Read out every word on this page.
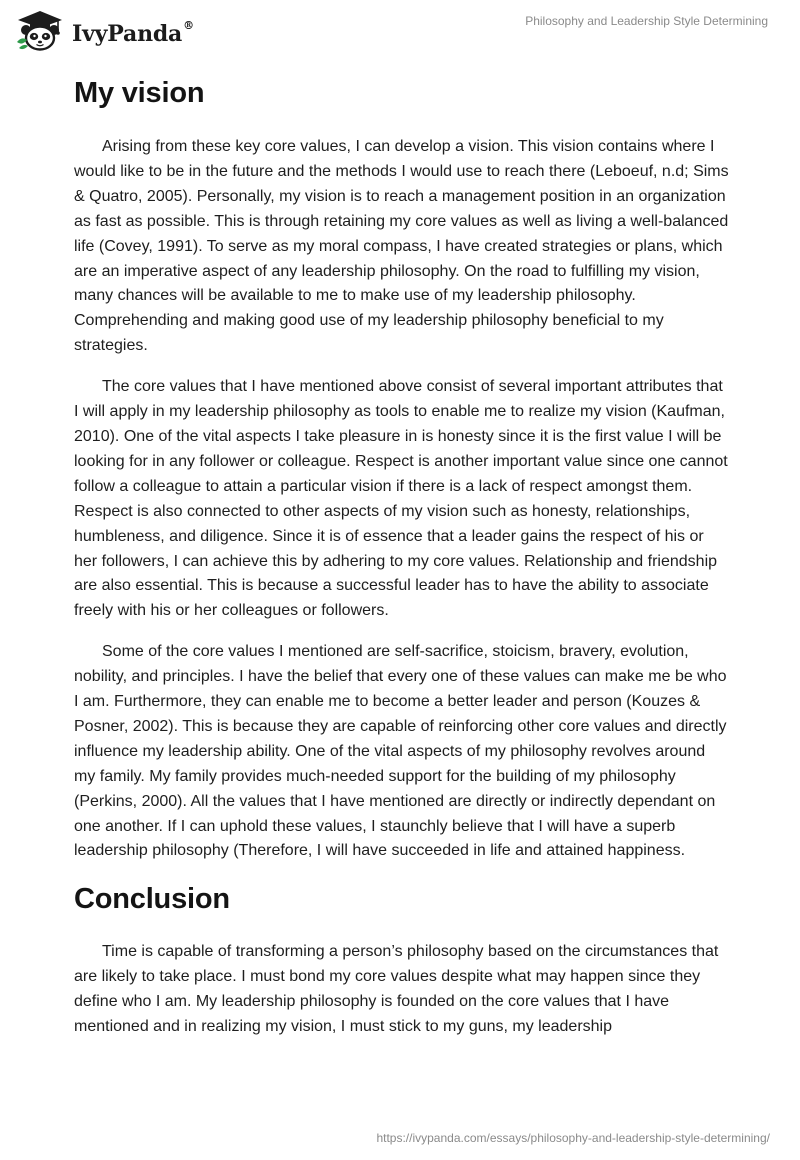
IvyPanda®	Philosophy and Leadership Style Determining
My vision

Arising from these key core values, I can develop a vision. This vision contains where I would like to be in the future and the methods I would use to reach there (Leboeuf, n.d; Sims & Quatro, 2005). Personally, my vision is to reach a management position in an organization as fast as possible. This is through retaining my core values as well as living a well-balanced life (Covey, 1991). To serve as my moral compass, I have created strategies or plans, which are an imperative aspect of any leadership philosophy. On the road to fulfilling my vision, many chances will be available to me to make use of my leadership philosophy. Comprehending and making good use of my leadership philosophy beneficial to my strategies.

The core values that I have mentioned above consist of several important attributes that I will apply in my leadership philosophy as tools to enable me to realize my vision (Kaufman, 2010). One of the vital aspects I take pleasure in is honesty since it is the first value I will be looking for in any follower or colleague. Respect is another important value since one cannot follow a colleague to attain a particular vision if there is a lack of respect amongst them. Respect is also connected to other aspects of my vision such as honesty, relationships, humbleness, and diligence. Since it is of essence that a leader gains the respect of his or her followers, I can achieve this by adhering to my core values. Relationship and friendship are also essential. This is because a successful leader has to have the ability to associate freely with his or her colleagues or followers.

Some of the core values I mentioned are self-sacrifice, stoicism, bravery, evolution, nobility, and principles. I have the belief that every one of these values can make me be who I am. Furthermore, they can enable me to become a better leader and person (Kouzes & Posner, 2002). This is because they are capable of reinforcing other core values and directly influence my leadership ability. One of the vital aspects of my philosophy revolves around my family. My family provides much-needed support for the building of my philosophy (Perkins, 2000). All the values that I have mentioned are directly or indirectly dependant on one another. If I can uphold these values, I staunchly believe that I will have a superb leadership philosophy (Therefore, I will have succeeded in life and attained happiness.

Conclusion

Time is capable of transforming a person’s philosophy based on the circumstances that are likely to take place. I must bond my core values despite what may happen since they define who I am. My leadership philosophy is founded on the core values that I have mentioned and in realizing my vision, I must stick to my guns, my leadership

https://ivypanda.com/essays/philosophy-and-leadership-style-determining/
